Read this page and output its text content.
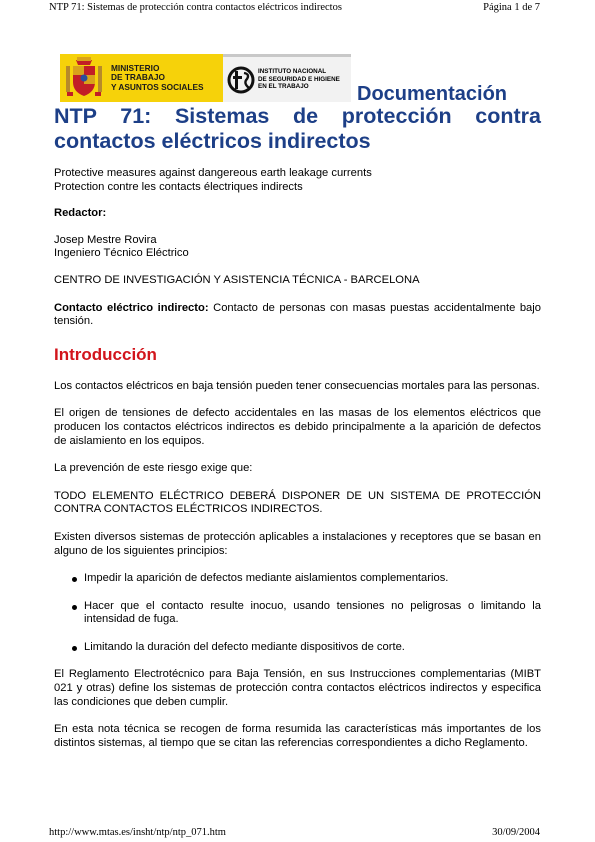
NTP 71: Sistemas de protección contra contactos eléctricos indirectos	Página 1 de 7
MINISTERIO
DE TRABAJO
Y ASUNTOS SOCIALES
INSTITUTO NACIONAL
DE SEGURIDAD E HIGIENE
EN EL TRABAJO	Documentación
NTP 71: Sistemas de protección contra
contactos eléctricos indirectos
Protective measures against dangereous earth leakage currents
Protection contre les contacts électriques indirects

Redactor:

Josep Mestre Rovira
Ingeniero Técnico Eléctrico

CENTRO DE INVESTIGACIÓN Y ASISTENCIA TÉCNICA - BARCELONA

Contacto eléctrico indirecto: Contacto de personas con masas puestas accidentalmente bajo tensión.

Introducción

Los contactos eléctricos en baja tensión pueden tener consecuencias mortales para las personas.

El origen de tensiones de defecto accidentales en las masas de los elementos eléctricos que producen los contactos eléctricos indirectos es debido principalmente a la aparición de defectos de aislamiento en los equipos.

La prevención de este riesgo exige que:

TODO ELEMENTO ELÉCTRICO DEBERÁ DISPONER DE UN SISTEMA DE PROTECCIÓN CONTRA CONTACTOS ELÉCTRICOS INDIRECTOS.

Existen diversos sistemas de protección aplicables a instalaciones y receptores que se basan en alguno de los siguientes principios:

Impedir la aparición de defectos mediante aislamientos complementarios.
Hacer que el contacto resulte inocuo, usando tensiones no peligrosas o limitando la intensidad de fuga.
Limitando la duración del defecto mediante dispositivos de corte.

El Reglamento Electrotécnico para Baja Tensión, en sus Instrucciones complementarias (MIBT 021 y otras) define los sistemas de protección contra contactos eléctricos indirectos y especifica las condiciones que deben cumplir.

En esta nota técnica se recogen de forma resumida las características más importantes de los distintos sistemas, al tiempo que se citan las referencias correspondientes a dicho Reglamento.

http://www.mtas.es/insht/ntp/ntp_071.htm	30/09/2004
